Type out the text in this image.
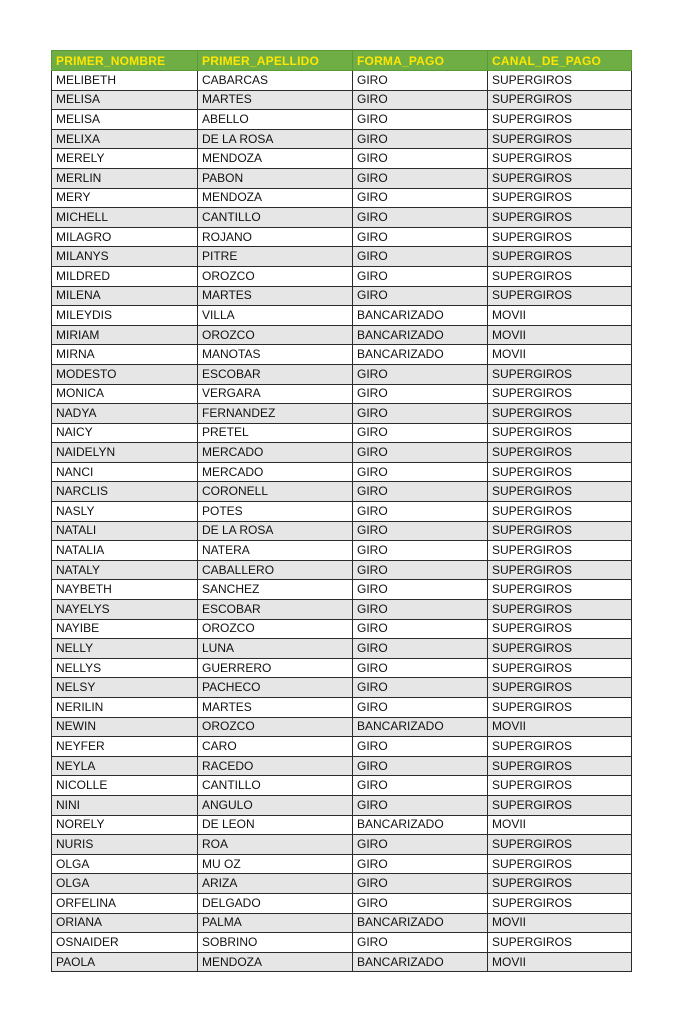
PRIMER_NOMBRE	PRIMER_APELLIDO	FORMA_PAGO	CANAL_DE_PAGO
MELIBETH	CABARCAS	GIRO	SUPERGIROS
MELISA	MARTES	GIRO	SUPERGIROS
MELISA	ABELLO	GIRO	SUPERGIROS
MELIXA	DE LA ROSA	GIRO	SUPERGIROS
MERELY	MENDOZA	GIRO	SUPERGIROS
MERLIN	PABON	GIRO	SUPERGIROS
MERY	MENDOZA	GIRO	SUPERGIROS
MICHELL	CANTILLO	GIRO	SUPERGIROS
MILAGRO	ROJANO	GIRO	SUPERGIROS
MILANYS	PITRE	GIRO	SUPERGIROS
MILDRED	OROZCO	GIRO	SUPERGIROS
MILENA	MARTES	GIRO	SUPERGIROS
MILEYDIS	VILLA	BANCARIZADO	MOVII
MIRIAM	OROZCO	BANCARIZADO	MOVII
MIRNA	MANOTAS	BANCARIZADO	MOVII
MODESTO	ESCOBAR	GIRO	SUPERGIROS
MONICA	VERGARA	GIRO	SUPERGIROS
NADYA	FERNANDEZ	GIRO	SUPERGIROS
NAICY	PRETEL	GIRO	SUPERGIROS
NAIDELYN	MERCADO	GIRO	SUPERGIROS
NANCI	MERCADO	GIRO	SUPERGIROS
NARCLIS	CORONELL	GIRO	SUPERGIROS
NASLY	POTES	GIRO	SUPERGIROS
NATALI	DE LA ROSA	GIRO	SUPERGIROS
NATALIA	NATERA	GIRO	SUPERGIROS
NATALY	CABALLERO	GIRO	SUPERGIROS
NAYBETH	SANCHEZ	GIRO	SUPERGIROS
NAYELYS	ESCOBAR	GIRO	SUPERGIROS
NAYIBE	OROZCO	GIRO	SUPERGIROS
NELLY	LUNA	GIRO	SUPERGIROS
NELLYS	GUERRERO	GIRO	SUPERGIROS
NELSY	PACHECO	GIRO	SUPERGIROS
NERILIN	MARTES	GIRO	SUPERGIROS
NEWIN	OROZCO	BANCARIZADO	MOVII
NEYFER	CARO	GIRO	SUPERGIROS
NEYLA	RACEDO	GIRO	SUPERGIROS
NICOLLE	CANTILLO	GIRO	SUPERGIROS
NINI	ANGULO	GIRO	SUPERGIROS
NORELY	DE LEON	BANCARIZADO	MOVII
NURIS	ROA	GIRO	SUPERGIROS
OLGA	MU OZ	GIRO	SUPERGIROS
OLGA	ARIZA	GIRO	SUPERGIROS
ORFELINA	DELGADO	GIRO	SUPERGIROS
ORIANA	PALMA	BANCARIZADO	MOVII
OSNAIDER	SOBRINO	GIRO	SUPERGIROS
PAOLA	MENDOZA	BANCARIZADO	MOVII
